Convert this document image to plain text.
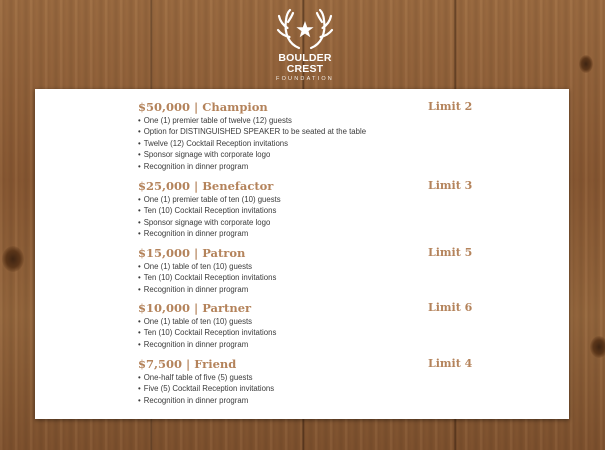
BOULDER CREST
FOUNDATION
$50,000 | Champion	Limit 2
• One (1) premier table of twelve (12) guests
• Option for DISTINGUISHED SPEAKER to be seated at the table
• Twelve (12) Cocktail Reception invitations
• Sponsor signage with corporate logo
• Recognition in dinner program
$25,000 | Benefactor	Limit 3
• One (1) premier table of ten (10) guests
• Ten (10) Cocktail Reception invitations
• Sponsor signage with corporate logo
• Recognition in dinner program
$15,000 | Patron	Limit 5
• One (1) table of ten (10) guests
• Ten (10) Cocktail Reception invitations
• Recognition in dinner program
$10,000 | Partner	Limit 6
• One (1) table of ten (10) guests
• Ten (10) Cocktail Reception invitations
• Recognition in dinner program
$7,500 | Friend	Limit 4
• One-half table of five (5) guests
• Five (5) Cocktail Reception invitations
• Recognition in dinner program
